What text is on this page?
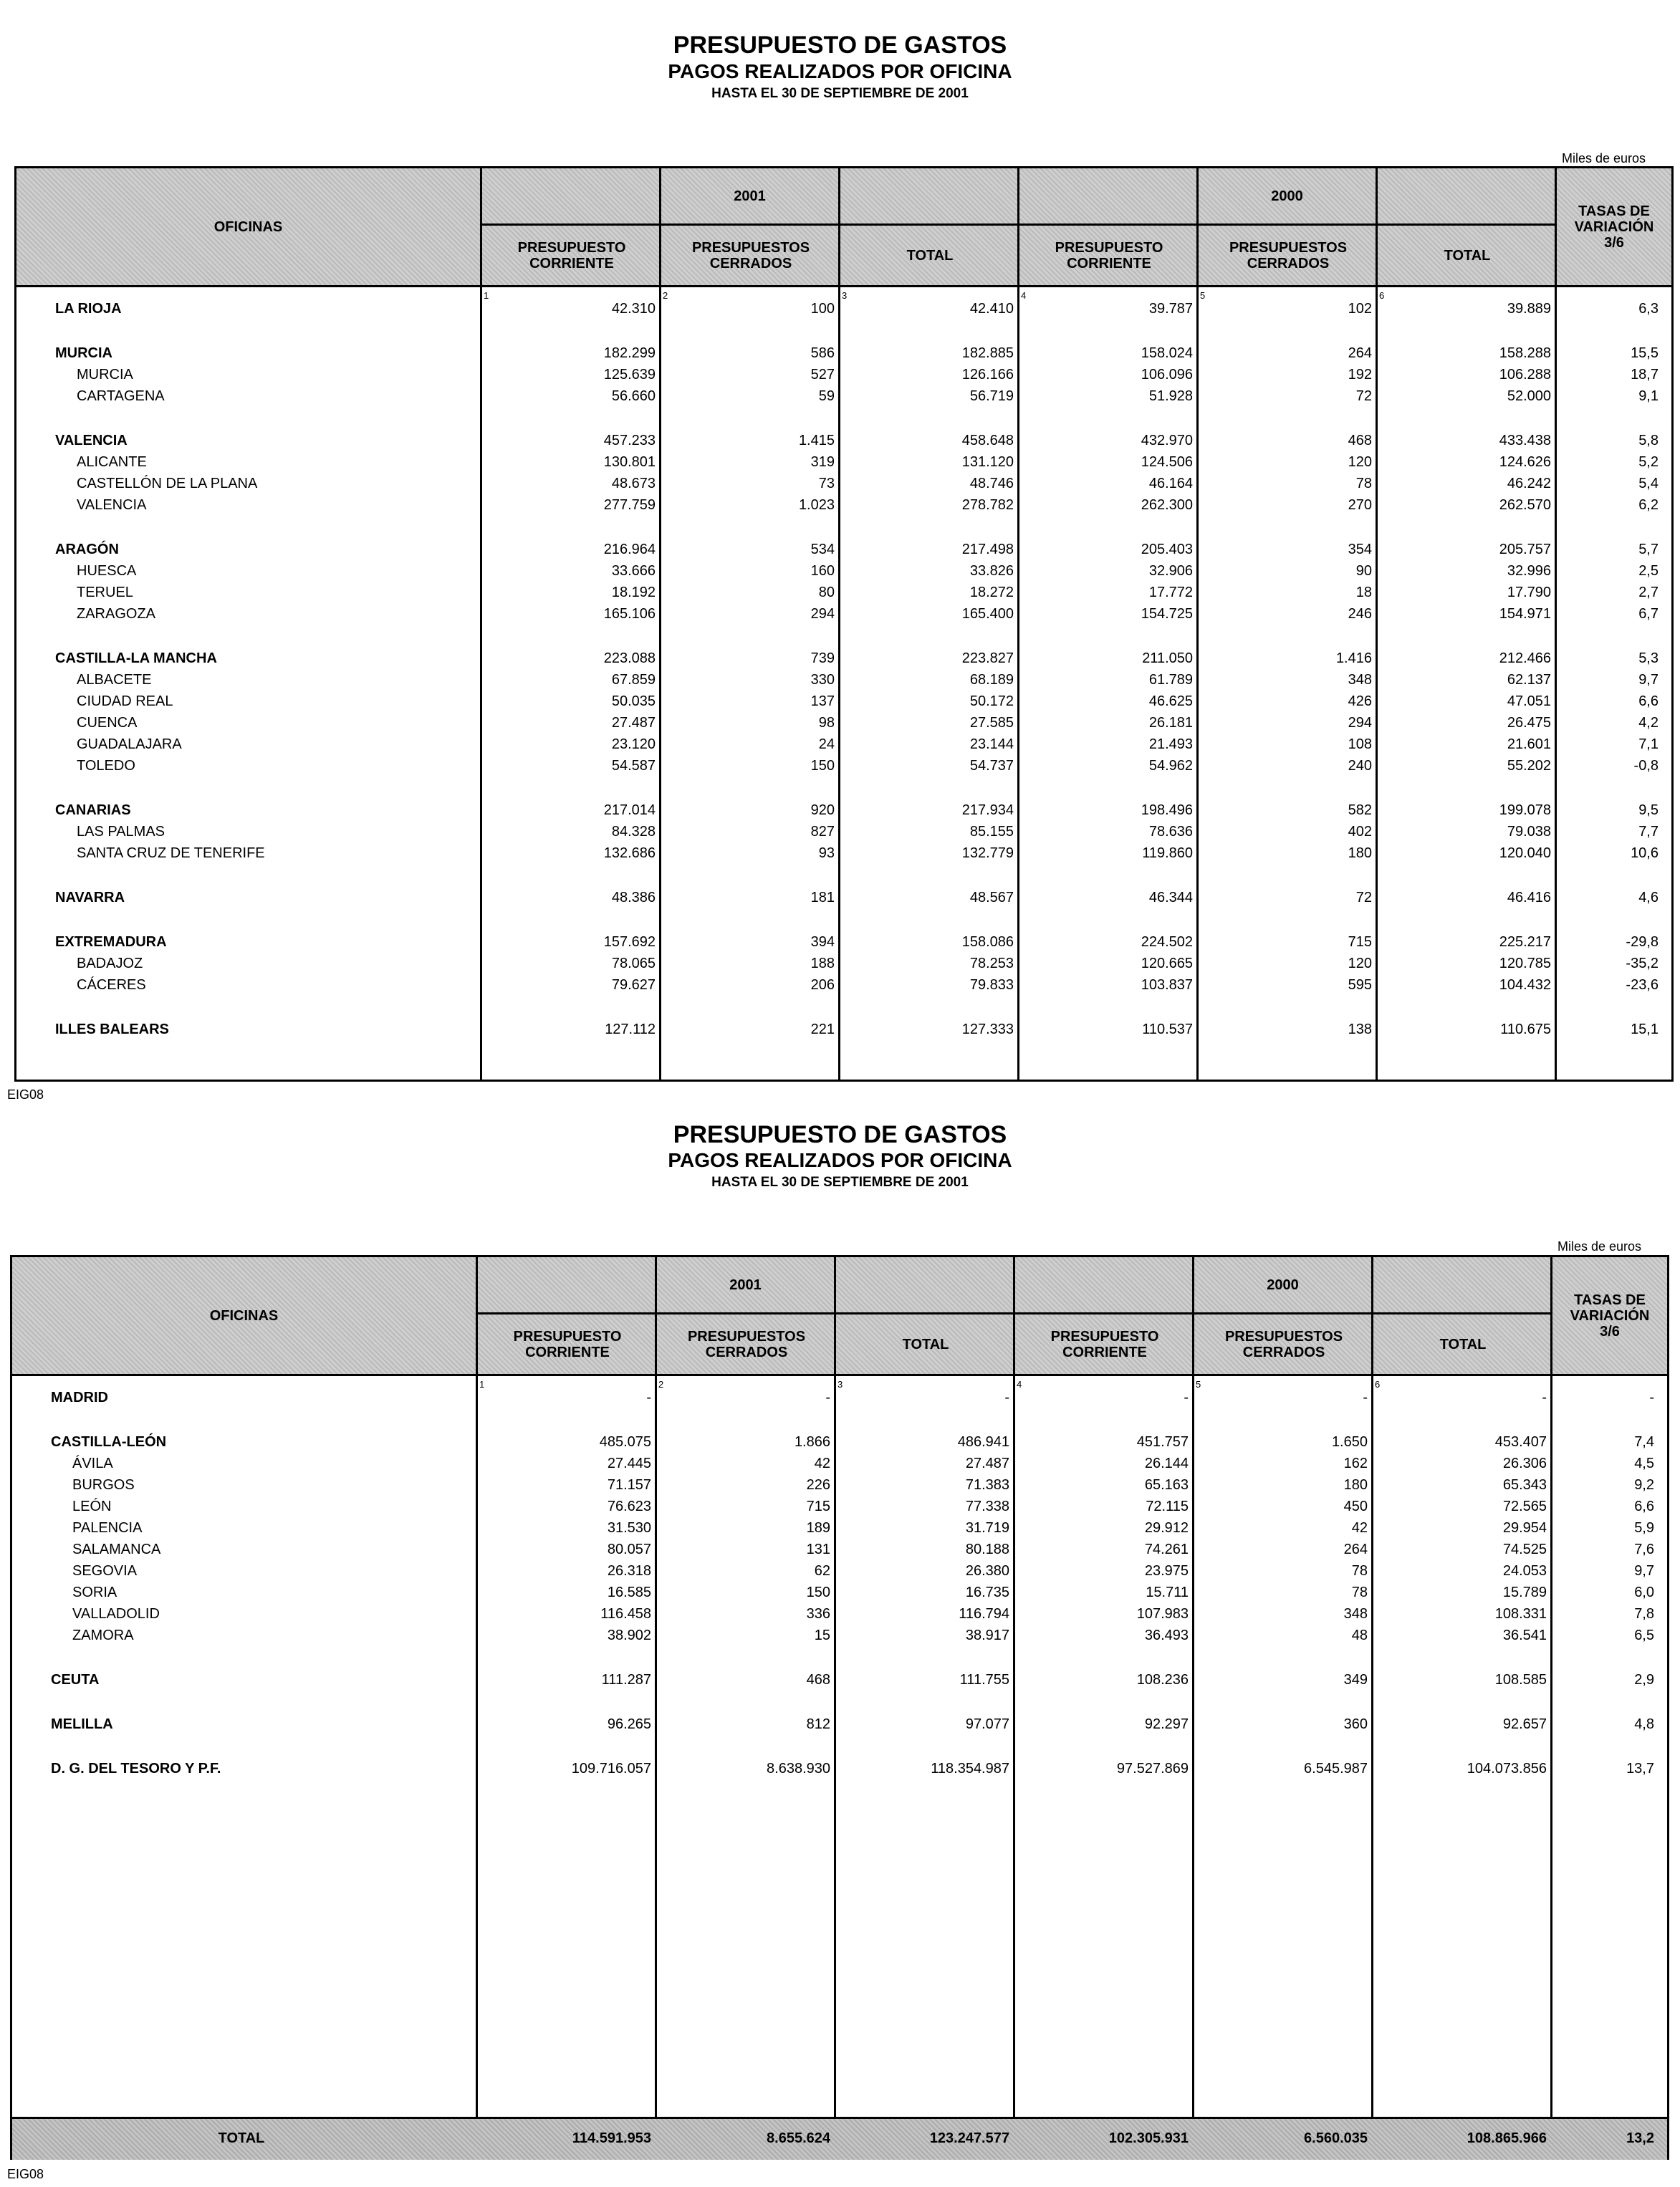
PRESUPUESTO DE GASTOS
PAGOS REALIZADOS POR OFICINA
HASTA EL 30 DE SEPTIEMBRE DE 2001
Miles de euros
OFICINAS
2001	2000
PRESUPUESTO CORRIENTE
PRESUPUESTOS CERRADOS	TOTAL	PRESUPUESTO CORRIENTE
PRESUPUESTOS CERRADOS	TOTAL
TASAS DE VARIACIÓN 3/6
1	2	3	4	5	6
LA RIOJA	42.310	100	42.410	39.787	102	39.889	6,3
MURCIA	182.299	586	182.885	158.024	264	158.288	15,5
MURCIA	125.639	527	126.166	106.096	192	106.288	18,7
CARTAGENA	56.660	59	56.719	51.928	72	52.000	9,1
VALENCIA	457.233	1.415	458.648	432.970	468	433.438	5,8
ALICANTE	130.801	319	131.120	124.506	120	124.626	5,2
CASTELLÓN DE LA PLANA	48.673	73	48.746	46.164	78	46.242	5,4
VALENCIA	277.759	1.023	278.782	262.300	270	262.570	6,2
ARAGÓN	216.964	534	217.498	205.403	354	205.757	5,7
HUESCA	33.666	160	33.826	32.906	90	32.996	2,5
TERUEL	18.192	80	18.272	17.772	18	17.790	2,7
ZARAGOZA	165.106	294	165.400	154.725	246	154.971	6,7
CASTILLA-LA MANCHA	223.088	739	223.827	211.050	1.416	212.466	5,3
ALBACETE	67.859	330	68.189	61.789	348	62.137	9,7
CIUDAD REAL	50.035	137	50.172	46.625	426	47.051	6,6
CUENCA	27.487	98	27.585	26.181	294	26.475	4,2
GUADALAJARA	23.120	24	23.144	21.493	108	21.601	7,1
TOLEDO	54.587	150	54.737	54.962	240	55.202	-0,8
CANARIAS	217.014	920	217.934	198.496	582	199.078	9,5
LAS PALMAS	84.328	827	85.155	78.636	402	79.038	7,7
SANTA CRUZ DE TENERIFE	132.686	93	132.779	119.860	180	120.040	10,6
NAVARRA	48.386	181	48.567	46.344	72	46.416	4,6
EXTREMADURA	157.692	394	158.086	224.502	715	225.217	-29,8
BADAJOZ	78.065	188	78.253	120.665	120	120.785	-35,2
CÁCERES	79.627	206	79.833	103.837	595	104.432	-23,6
ILLES BALEARS	127.112	221	127.333	110.537	138	110.675	15,1
EIG08
PRESUPUESTO DE GASTOS
PAGOS REALIZADOS POR OFICINA
HASTA EL 30 DE SEPTIEMBRE DE 2001
Miles de euros
OFICINAS
2001	2000
PRESUPUESTO CORRIENTE
PRESUPUESTOS CERRADOS	TOTAL	PRESUPUESTO CORRIENTE
PRESUPUESTOS CERRADOS	TOTAL
TASAS DE VARIACIÓN 3/6
1	2	3	4	5	6
MADRID	-	-	-	-	-	-	-
CASTILLA-LEÓN	485.075	1.866	486.941	451.757	1.650	453.407	7,4
ÁVILA	27.445	42	27.487	26.144	162	26.306	4,5
BURGOS	71.157	226	71.383	65.163	180	65.343	9,2
LEÓN	76.623	715	77.338	72.115	450	72.565	6,6
PALENCIA	31.530	189	31.719	29.912	42	29.954	5,9
SALAMANCA	80.057	131	80.188	74.261	264	74.525	7,6
SEGOVIA	26.318	62	26.380	23.975	78	24.053	9,7
SORIA	16.585	150	16.735	15.711	78	15.789	6,0
VALLADOLID	116.458	336	116.794	107.983	348	108.331	7,8
ZAMORA	38.902	15	38.917	36.493	48	36.541	6,5
CEUTA	111.287	468	111.755	108.236	349	108.585	2,9
MELILLA	96.265	812	97.077	92.297	360	92.657	4,8
D. G. DEL TESORO Y P.F.	109.716.057	8.638.930	118.354.987	97.527.869	6.545.987	104.073.856	13,7
TOTAL	114.591.953	8.655.624	123.247.577	102.305.931	6.560.035	108.865.966	13,2
EIG08
